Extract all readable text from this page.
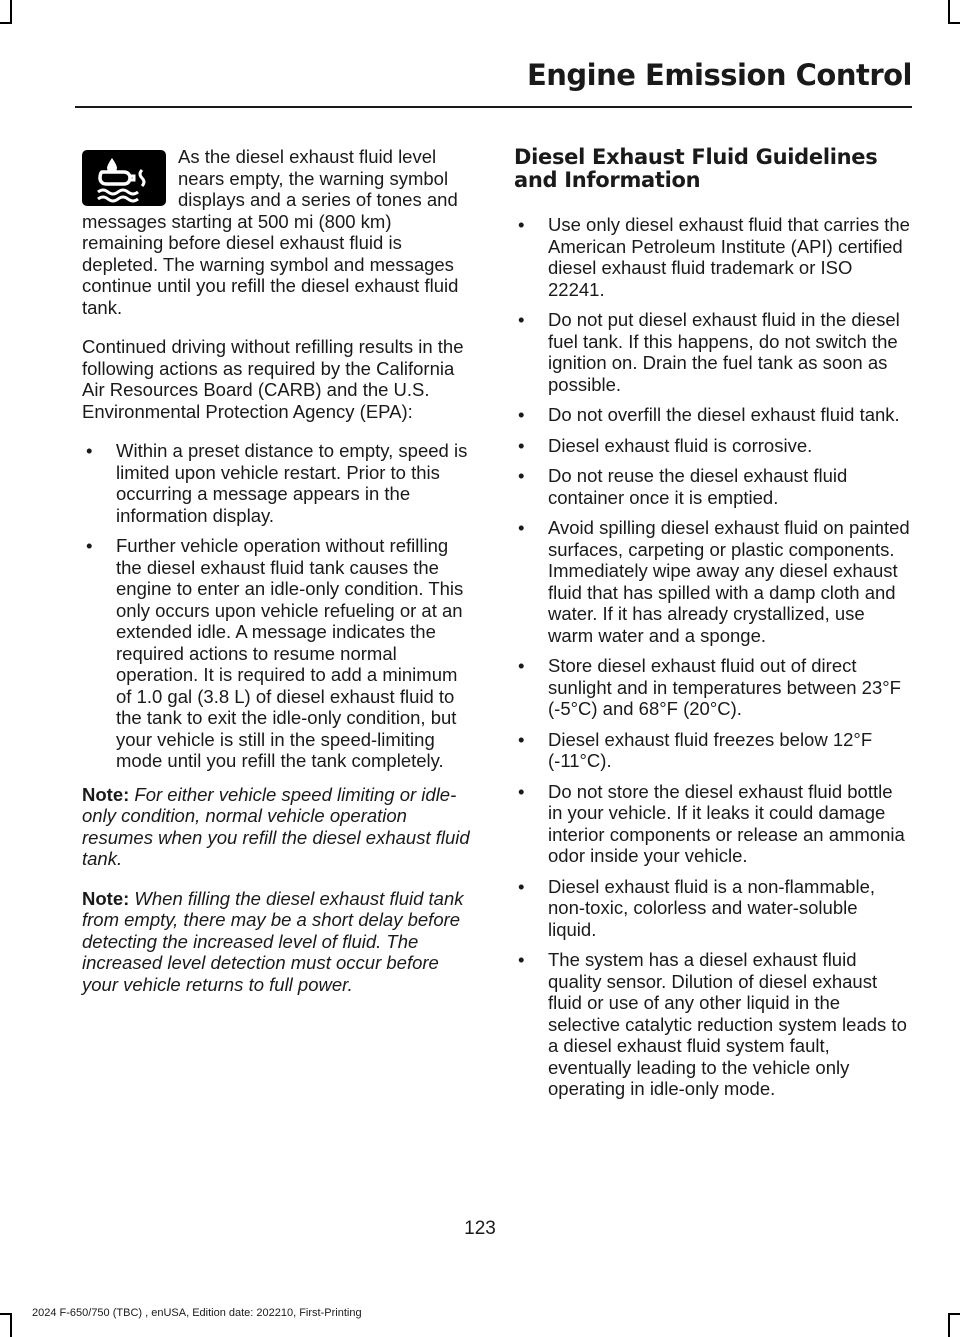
Engine Emission Control

As the diesel exhaust fluid level nears empty, the warning symbol displays and a series of tones and messages starting at 500 mi (800 km) remaining before diesel exhaust fluid is depleted. The warning symbol and messages continue until you refill the diesel exhaust fluid tank.

Continued driving without refilling results in the following actions as required by the California Air Resources Board (CARB) and the U.S. Environmental Protection Agency (EPA):

• Within a preset distance to empty, speed is limited upon vehicle restart. Prior to this occurring a message appears in the information display.
• Further vehicle operation without refilling the diesel exhaust fluid tank causes the engine to enter an idle-only condition. This only occurs upon vehicle refueling or at an extended idle. A message indicates the required actions to resume normal operation. It is required to add a minimum of 1.0 gal (3.8 L) of diesel exhaust fluid to the tank to exit the idle-only condition, but your vehicle is still in the speed-limiting mode until you refill the tank completely.

Note: For either vehicle speed limiting or idle-only condition, normal vehicle operation resumes when you refill the diesel exhaust fluid tank.

Note: When filling the diesel exhaust fluid tank from empty, there may be a short delay before detecting the increased level of fluid. The increased level detection must occur before your vehicle returns to full power.

Diesel Exhaust Fluid Guidelines and Information
• Use only diesel exhaust fluid that carries the American Petroleum Institute (API) certified diesel exhaust fluid trademark or ISO 22241.
• Do not put diesel exhaust fluid in the diesel fuel tank. If this happens, do not switch the ignition on. Drain the fuel tank as soon as possible.
• Do not overfill the diesel exhaust fluid tank.
• Diesel exhaust fluid is corrosive.
• Do not reuse the diesel exhaust fluid container once it is emptied.
• Avoid spilling diesel exhaust fluid on painted surfaces, carpeting or plastic components. Immediately wipe away any diesel exhaust fluid that has spilled with a damp cloth and water. If it has already crystallized, use warm water and a sponge.
• Store diesel exhaust fluid out of direct sunlight and in temperatures between 23°F (-5°C) and 68°F (20°C).
• Diesel exhaust fluid freezes below 12°F (-11°C).
• Do not store the diesel exhaust fluid bottle in your vehicle. If it leaks it could damage interior components or release an ammonia odor inside your vehicle.
• Diesel exhaust fluid is a non-flammable, non-toxic, colorless and water-soluble liquid.
• The system has a diesel exhaust fluid quality sensor. Dilution of diesel exhaust fluid or use of any other liquid in the selective catalytic reduction system leads to a diesel exhaust fluid system fault, eventually leading to the vehicle only operating in idle-only mode.

123

2024 F-650/750 (TBC) , enUSA, Edition date: 202210, First-Printing
